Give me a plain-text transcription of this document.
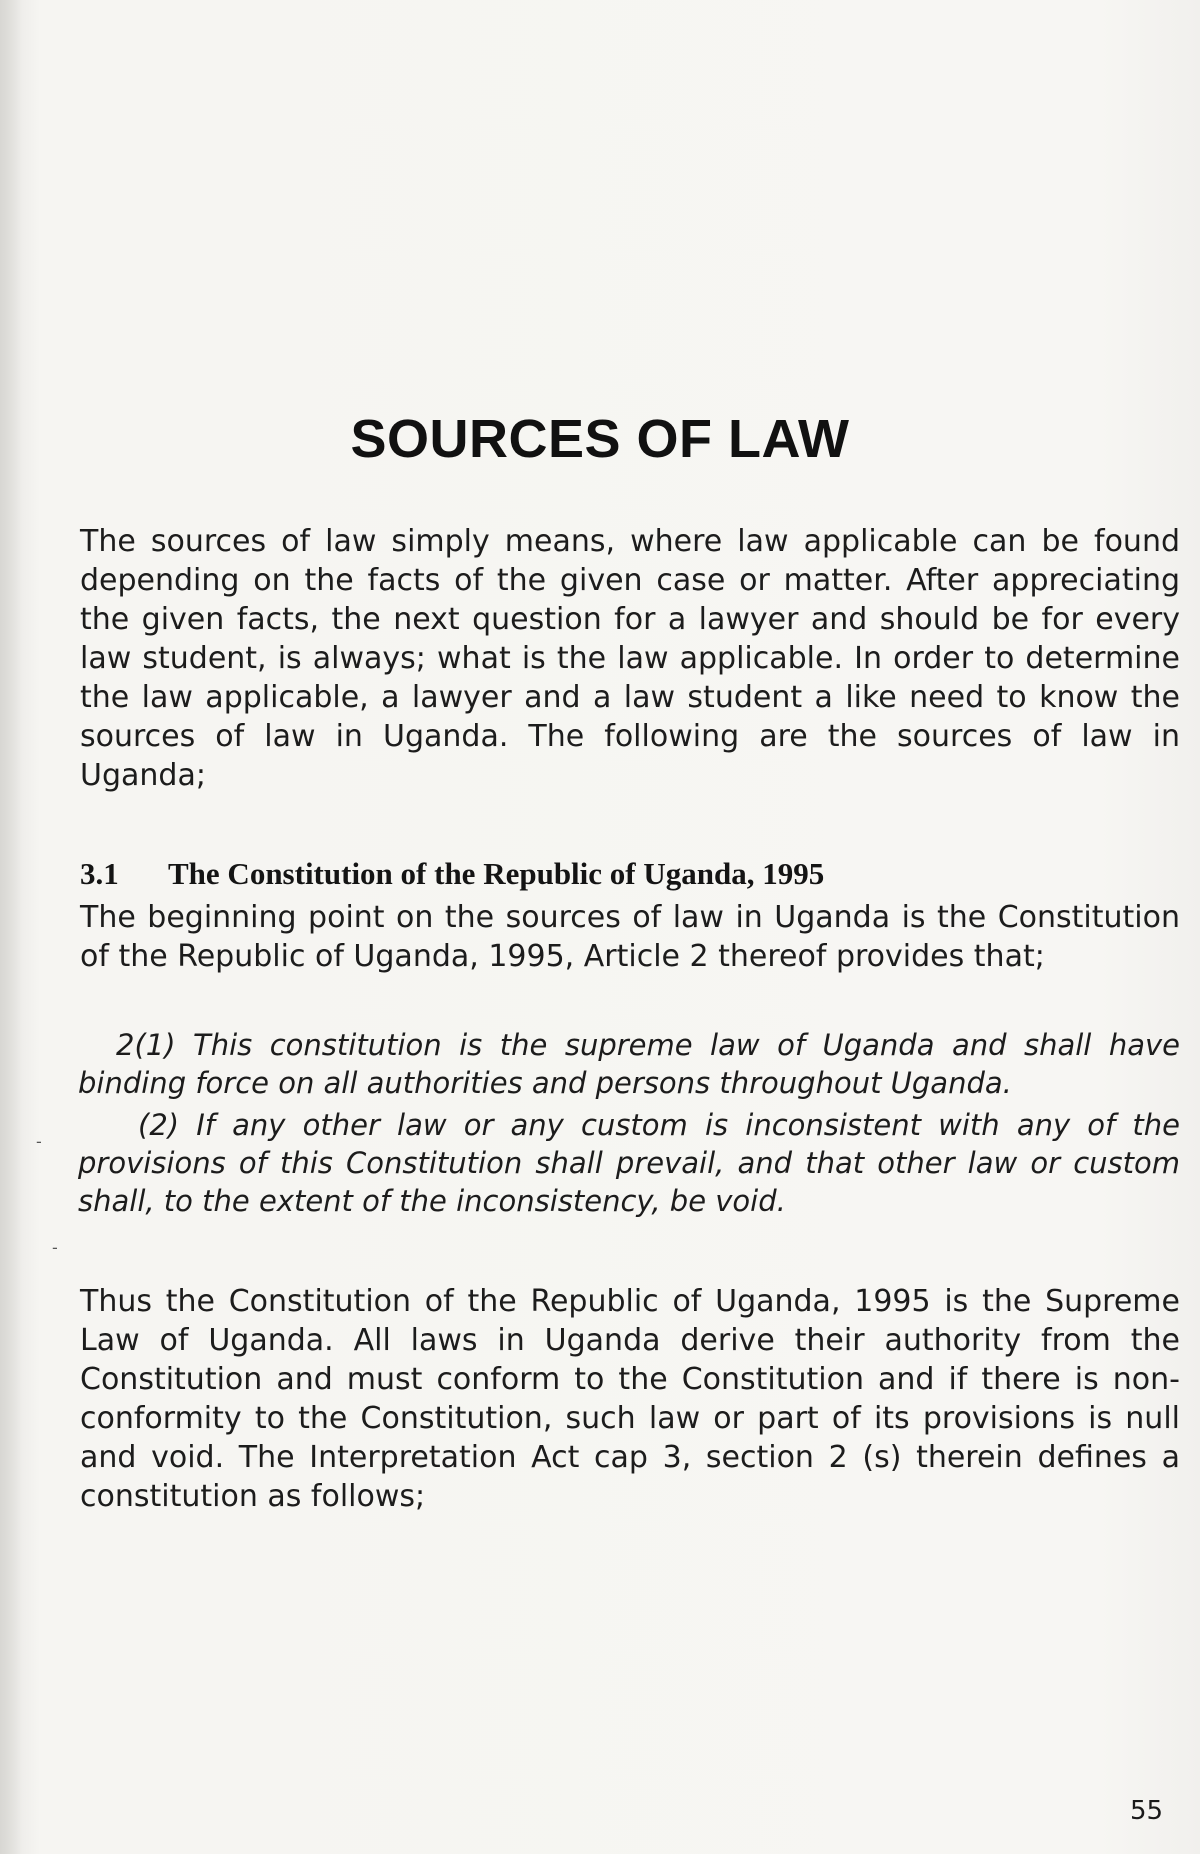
SOURCES OF LAW

The sources of law simply means, where law applicable can be found depending on the facts of the given case or matter. After appreciating the given facts, the next question for a lawyer and should be for every law student, is always; what is the law applicable. In order to determine the law applicable, a lawyer and a law student a like need to know the sources of law in Uganda. The following are the sources of law in Uganda;

3.1 The Constitution of the Republic of Uganda, 1995

The beginning point on the sources of law in Uganda is the Constitution of the Republic of Uganda, 1995, Article 2 thereof provides that;

2(1) This constitution is the supreme law of Uganda and shall have binding force on all authorities and persons throughout Uganda.

(2) If any other law or any custom is inconsistent with any of the provisions of this Constitution shall prevail, and that other law or custom shall, to the extent of the inconsistency, be void.

Thus the Constitution of the Republic of Uganda, 1995 is the Supreme Law of Uganda. All laws in Uganda derive their authority from the Constitution and must conform to the Constitution and if there is non-conformity to the Constitution, such law or part of its provisions is null and void. The Interpretation Act cap 3, section 2 (s) therein defines a constitution as follows;

-
-

55
